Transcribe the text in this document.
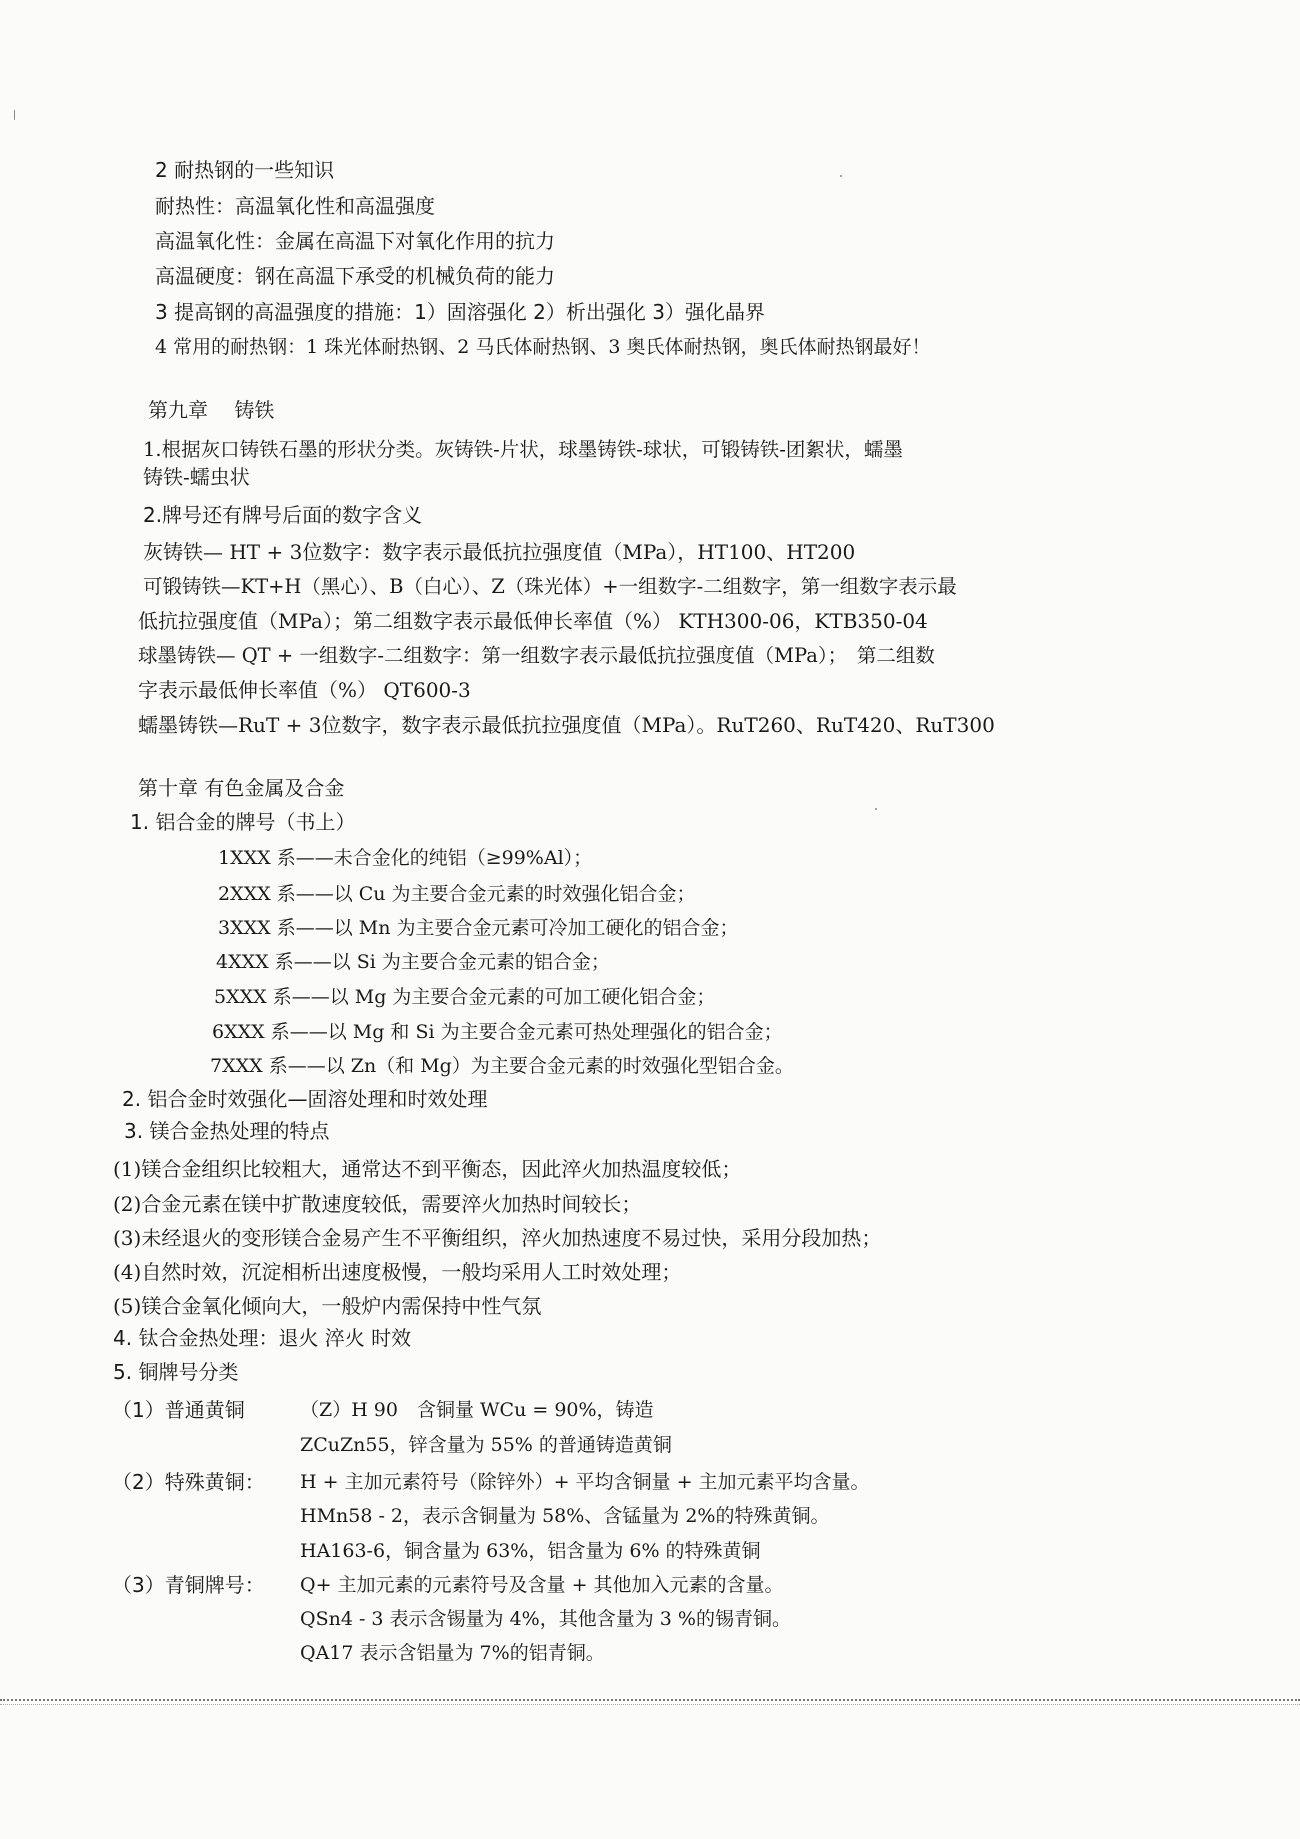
2 耐热钢的一些知识
耐热性：高温氧化性和高温强度
高温氧化性：金属在高温下对氧化作用的抗力
高温硬度：钢在高温下承受的机械负荷的能力
3 提高钢的高温强度的措施：1）固溶强化 2）析出强化 3）强化晶界
4 常用的耐热钢：1 珠光体耐热钢、2 马氏体耐热钢、3 奥氏体耐热钢，奥氏体耐热钢最好！
第九章　 铸铁
1.根据灰口铸铁石墨的形状分类。灰铸铁-片状，球墨铸铁-球状，可锻铸铁-团絮状，蠕墨
铸铁-蠕虫状
2.牌号还有牌号后面的数字含义
灰铸铁— HT + 3位数字：数字表示最低抗拉强度值（MPa），HT100、HT200
可锻铸铁—KT+H（黑心）、B（白心）、Z（珠光体）+一组数字-二组数字，第一组数字表示最
低抗拉强度值（MPa）；第二组数字表示最低伸长率值（%） KTH300-06，KTB350-04
球墨铸铁— QT + 一组数字-二组数字：第一组数字表示最低抗拉强度值（MPa）；　第二组数
字表示最低伸长率值（%） QT600-3
蠕墨铸铁—RuT + 3位数字，数字表示最低抗拉强度值（MPa）。RuT260、RuT420、RuT300
第十章 有色金属及合金
1. 铝合金的牌号（书上）
1XXX 系——未合金化的纯铝（≥99%Al）；
2XXX 系——以 Cu 为主要合金元素的时效强化铝合金；
3XXX 系——以 Mn 为主要合金元素可冷加工硬化的铝合金；
4XXX 系——以 Si 为主要合金元素的铝合金；
5XXX 系——以 Mg 为主要合金元素的可加工硬化铝合金；
6XXX 系——以 Mg 和 Si 为主要合金元素可热处理强化的铝合金；
7XXX 系——以 Zn（和 Mg）为主要合金元素的时效强化型铝合金。
2. 铝合金时效强化—固溶处理和时效处理
3. 镁合金热处理的特点
(1)镁合金组织比较粗大，通常达不到平衡态，因此淬火加热温度较低；
(2)合金元素在镁中扩散速度较低，需要淬火加热时间较长；
(3)未经退火的变形镁合金易产生不平衡组织，淬火加热速度不易过快，采用分段加热；
(4)自然时效，沉淀相析出速度极慢，一般均采用人工时效处理；
(5)镁合金氧化倾向大，一般炉内需保持中性气氛
4. 钛合金热处理：退火 淬火 时效
5. 铜牌号分类
（1）普通黄铜	（Z）H 90　含铜量 WCu = 90%，铸造
ZCuZn55，锌含量为 55% 的普通铸造黄铜
（2）特殊黄铜： H + 主加元素符号（除锌外）+ 平均含铜量 + 主加元素平均含量。
HMn58 - 2，表示含铜量为 58%、含锰量为 2%的特殊黄铜。
HA163-6，铜含量为 63%，铝含量为 6% 的特殊黄铜
（3）青铜牌号： Q+ 主加元素的元素符号及含量 + 其他加入元素的含量。
QSn4 - 3 表示含锡量为 4%，其他含量为 3 %的锡青铜。
QA17 表示含铝量为 7%的铝青铜。
